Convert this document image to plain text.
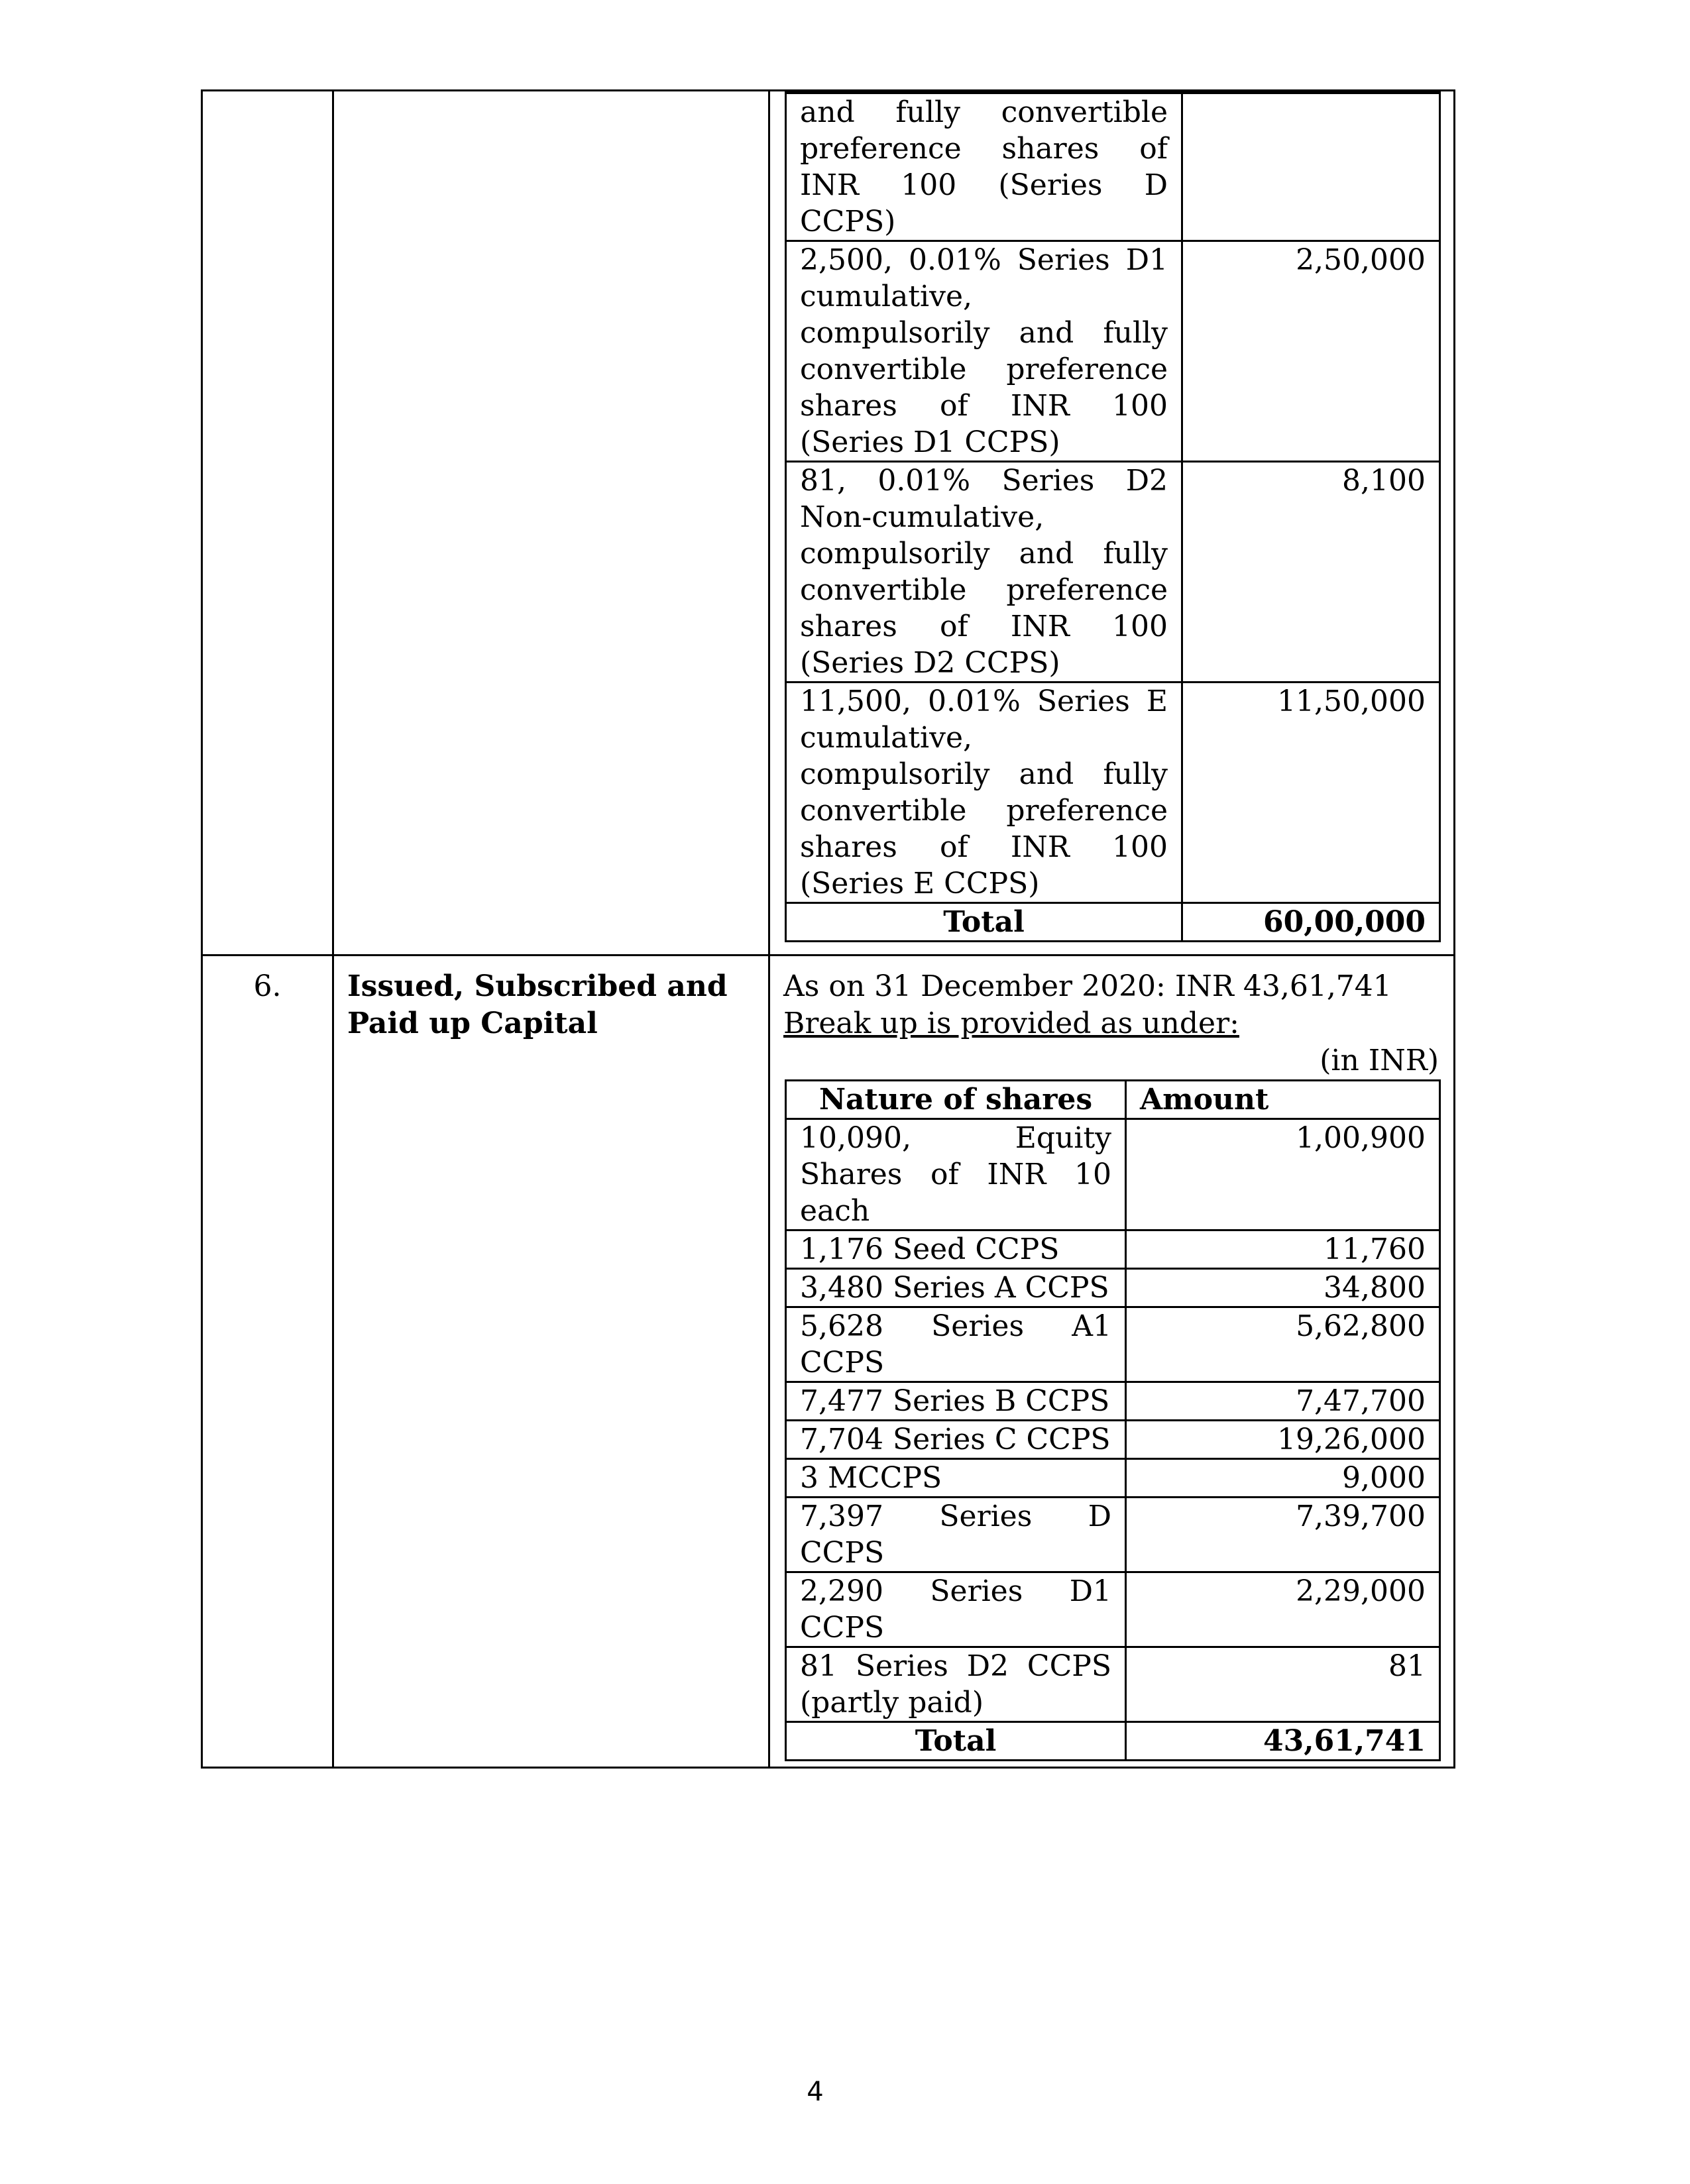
and fully convertible preference shares of INR 100 (Series D CCPS)	
2,500, 0.01% Series D1 cumulative, compulsorily and fully convertible preference shares of INR 100 (Series D1 CCPS)	2,50,000
81, 0.01% Series D2 Non-cumulative, compulsorily and fully convertible preference shares of INR 100 (Series D2 CCPS)	8,100
11,500, 0.01% Series E cumulative, compulsorily and fully convertible preference shares of INR 100 (Series E CCPS)	11,50,000
Total	60,00,000

6.	Issued, Subscribed and Paid up Capital	
As on 31 December 2020: INR 43,61,741
Break up is provided as under:
(in INR)
Nature of shares	Amount
10,090, Equity Shares of INR 10 each	1,00,900
1,176 Seed CCPS	11,760
3,480 Series A CCPS	34,800
5,628 Series A1 CCPS	5,62,800
7,477 Series B CCPS	7,47,700
7,704 Series C CCPS	19,26,000
3 MCCPS	9,000
7,397 Series D CCPS	7,39,700
2,290 Series D1 CCPS	2,29,000
81 Series D2 CCPS (partly paid)	81
Total	43,61,741
4
